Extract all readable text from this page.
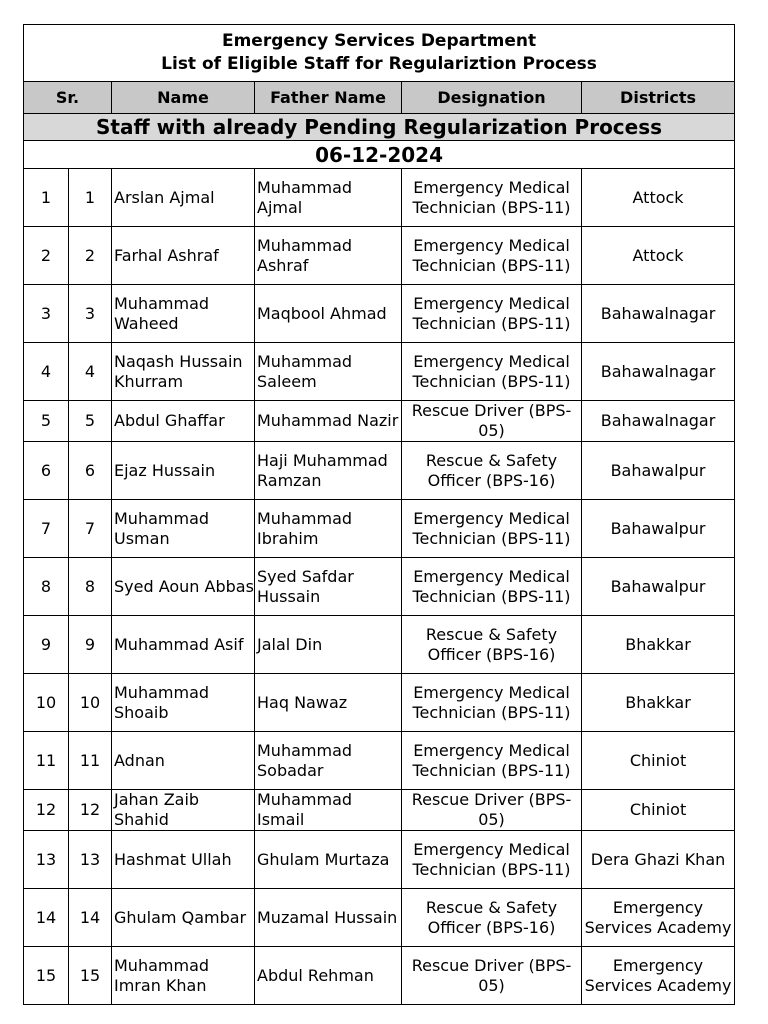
Emergency Services Department
List of Eligible Staff for Regulariztion Process					

Sr.		Name	Father Name	Designation	Districts
Staff with already Pending Regularization Process					
06-12-2024					
1	1	Arslan Ajmal	Muhammad Ajmal	Emergency Medical Technician (BPS-11)	Attock
2	2	Farhal Ashraf	Muhammad Ashraf	Emergency Medical Technician (BPS-11)	Attock
3	3	Muhammad Waheed	Maqbool Ahmad	Emergency Medical Technician (BPS-11)	Bahawalnagar
4	4	Naqash Hussain Khurram	Muhammad Saleem	Emergency Medical Technician (BPS-11)	Bahawalnagar
5	5	Abdul Ghaffar	Muhammad Nazir	Rescue Driver (BPS-05)	Bahawalnagar
6	6	Ejaz Hussain	Haji Muhammad Ramzan	Rescue & Safety Officer (BPS-16)	Bahawalpur
7	7	Muhammad Usman	Muhammad Ibrahim	Emergency Medical Technician (BPS-11)	Bahawalpur
8	8	Syed Aoun Abbas	Syed Safdar Hussain	Emergency Medical Technician (BPS-11)	Bahawalpur
9	9	Muhammad Asif	Jalal Din	Rescue & Safety Officer (BPS-16)	Bhakkar
10	10	Muhammad Shoaib	Haq Nawaz	Emergency Medical Technician (BPS-11)	Bhakkar
11	11	Adnan	Muhammad Sobadar	Emergency Medical Technician (BPS-11)	Chiniot
12	12	Jahan Zaib Shahid	Muhammad Ismail	Rescue Driver (BPS-05)	Chiniot
13	13	Hashmat Ullah	Ghulam Murtaza	Emergency Medical Technician (BPS-11)	Dera Ghazi Khan
14	14	Ghulam Qambar	Muzamal Hussain	Rescue & Safety Officer (BPS-16)	Emergency Services Academy
15	15	Muhammad Imran Khan	Abdul Rehman	Rescue Driver (BPS-05)	Emergency Services Academy
